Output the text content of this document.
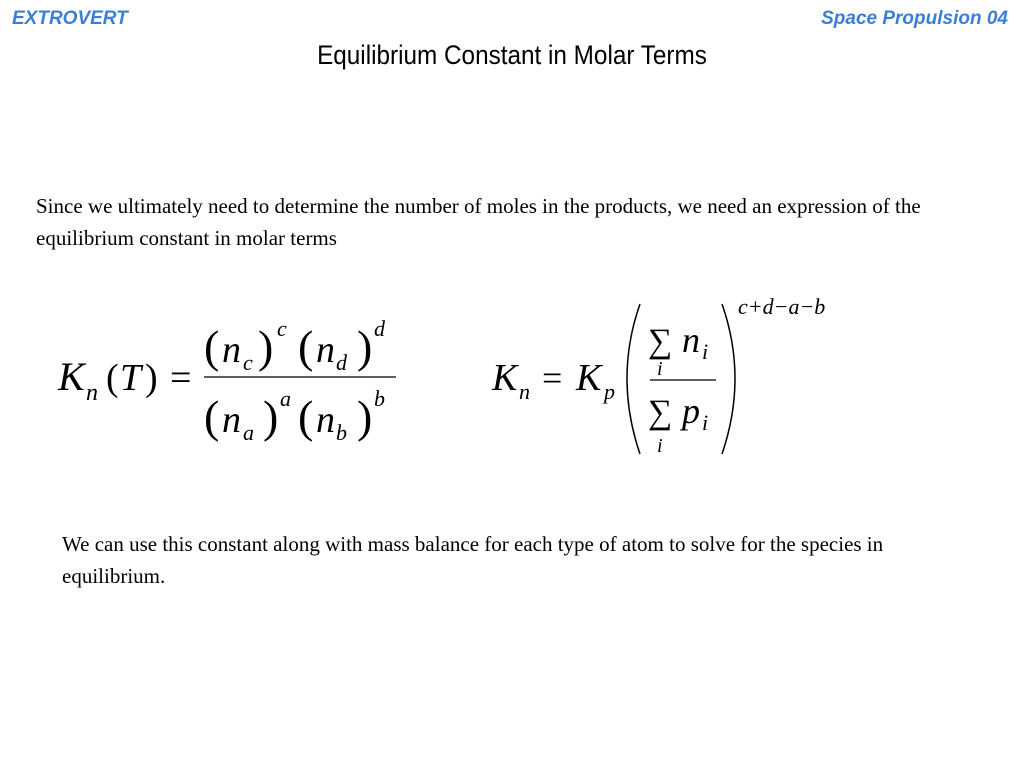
EXTROVERT	Space Propulsion 04
Equilibrium Constant in Molar Terms
Since we ultimately need to determine the number of moles in the products, we need an expression of the equilibrium constant in molar terms
K n ( T ) =
( n c ) c ( n d ) d
( n a ) a ( n b ) b	K n = K p
∑ n i
i
∑ p i
i
c+d−a−b
We can use this constant along with mass balance for each type of atom to solve for the species in equilibrium.
